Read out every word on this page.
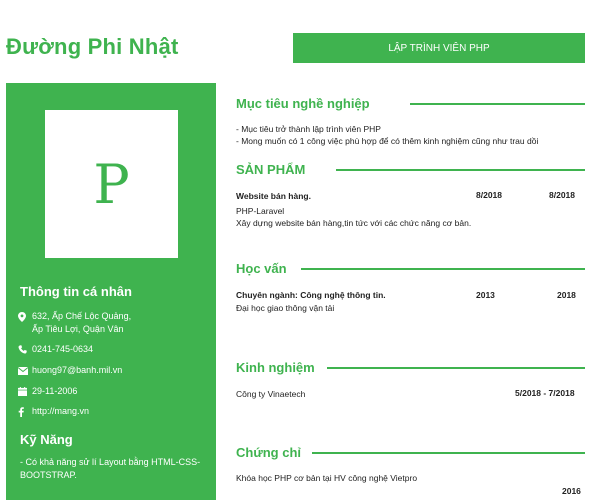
Đường Phi Nhật	LẬP TRÌNH VIÊN PHP
P
Thông tin cá nhân
632, Ấp Chế Lộc Quảng,
Ấp Tiêu Lợi, Quận Vân
0241-745-0634
huong97@banh.mil.vn
29-11-2006
http://mang.vn
Kỹ Năng
- Có khả năng sử lí Layout bằng HTML-CSS-BOOTSTRAP.
Mục tiêu nghề nghiệp
- Mục tiêu trở thành lập trình viên PHP
- Mong muốn có 1 công việc phù hợp để có thêm kinh nghiệm cũng như trau dồi
SẢN PHẨM
Website bán hàng.	8/2018	8/2018
PHP-Laravel
Xây dựng website bán hàng,tin tức với các chức năng cơ bản.
Học vấn
Chuyên ngành: Công nghệ thông tin.	2013	2018
Đại học giao thông vận tải
Kinh nghiệm
Công ty Vinaetech	5/2018 - 7/2018
Chứng chỉ
Khóa học PHP cơ bản tại HV công nghệ Vietpro
2016
